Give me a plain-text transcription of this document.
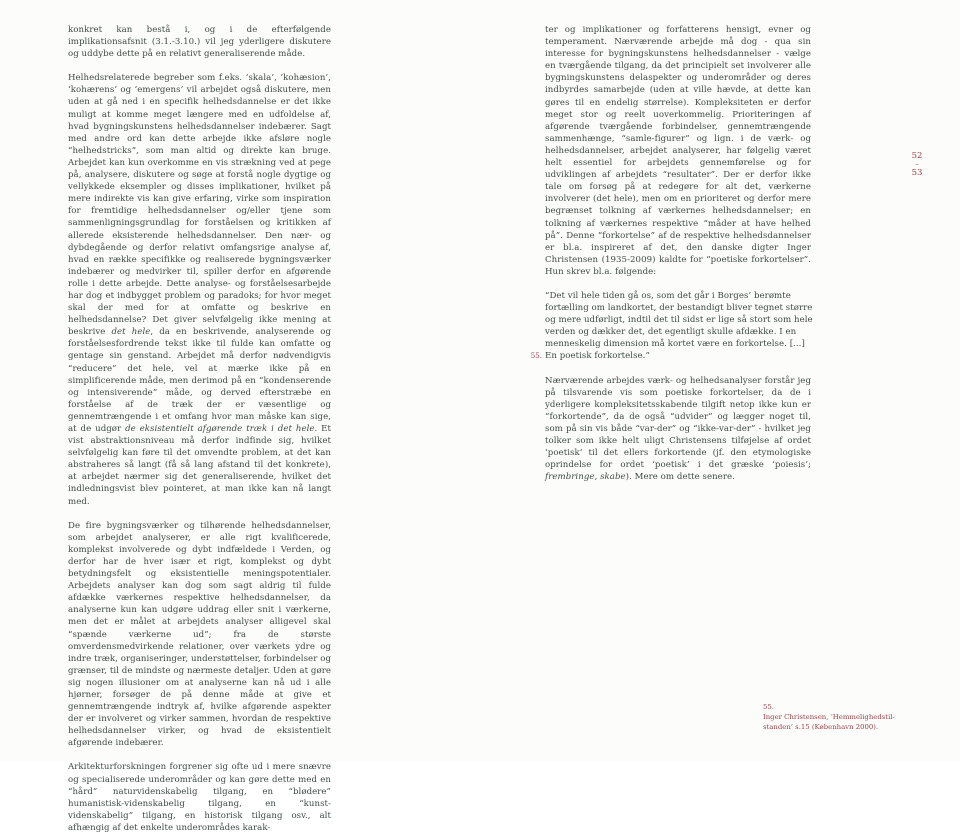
konkret kan bestå i, og i de efterfølgende implikationsafsnit (3.1.-3.10.) vil jeg yderligere diskutere og uddybe dette på en relativt generaliserende måde.

Helhedsrelaterede begreber som f.eks. ‘skala’, ‘kohæsion’, ‘kohærens’ og ‘emergens’ vil arbejdet også diskutere, men uden at gå ned i en specifik helhedsdannelse er det ikke muligt at komme meget længere med en udfoldelse af, hvad bygningskunstens helhedsdannelser indebærer. Sagt med andre ord kan dette arbejde ikke afsløre nogle “helhedstricks”, som man altid og direkte kan bruge. Arbejdet kan kun overkomme en vis strækning ved at pege på, analysere, diskutere og søge at forstå nogle dygtige og vellykkede eksempler og disses implikationer, hvilket på mere indirekte vis kan give erfaring, virke som inspiration for fremtidige helhedsdannelser og/eller tjene som sammenligningsgrundlag for forståelsen og kritikken af allerede eksisterende helhedsdannelser. Den nær- og dybdegående og derfor relativt omfangsrige analyse af, hvad en række specifikke og realiserede bygningsværker indebærer og medvirker til, spiller derfor en afgørende rolle i dette arbejde. Dette analyse- og forståelsesarbejde har dog et indbygget problem og paradoks; for hvor meget skal der med for at omfatte og beskrive en helhedsdannelse? Det giver selvfølgelig ikke mening at beskrive det hele, da en beskrivende, analyserende og forståelsesfordrende tekst ikke til fulde kan omfatte og gentage sin genstand. Arbejdet må derfor nødvendigvis “reducere” det hele, vel at mærke ikke på en simplificerende måde, men derimod på en “kondenserende og intensiverende” måde, og derved efterstræbe en forståelse af de træk der er væsentlige og gennemtrængende i et omfang hvor man måske kan sige, at de udgør de eksistentielt afgørende træk i det hele. Et vist abstraktionsniveau må derfor indfinde sig, hvilket selvfølgelig kan føre til det omvendte problem, at det kan abstraheres så langt (få så lang afstand til det konkrete), at arbejdet nærmer sig det generaliserende, hvilket det indledningsvist blev pointeret, at man ikke kan nå langt med.

De fire bygningsværker og tilhørende helhedsdannelser, som arbejdet analyserer, er alle rigt kvalificerede, komplekst involverede og dybt indfældede i Verden, og derfor har de hver især et rigt, komplekst og dybt betydningsfelt og eksistentielle meningspotentialer. Arbejdets analyser kan dog som sagt aldrig til fulde afdække værkernes respektive helhedsdannelser, da analyserne kun kan udgøre uddrag eller snit i værkerne, men det er målet at arbejdets analyser alligevel skal “spænde værkerne ud”; fra de største omverdensmedvirkende relationer, over værkets ydre og indre træk, organiseringer, understøttelser, forbindelser og grænser, til de mindste og nærmeste detaljer. Uden at gøre sig nogen illusioner om at analyserne kan nå ud i alle hjørner, forsøger de på denne måde at give et gennemtrængende indtryk af, hvilke afgørende aspekter der er involveret og virker sammen, hvordan de respektive helhedsdannelser virker, og hvad de eksistentielt afgørende indebærer.

Arkitekturforskningen forgrener sig ofte ud i mere snævre og specialiserede underområder og kan gøre dette med en “hård” naturvidenskabelig tilgang, en “blødere” humanistisk-videnskabelig tilgang, en “kunst-videnskabelig” tilgang, en historisk tilgang osv., alt afhængig af det enkelte underområdes karak-

ter og implikationer og forfatterens hensigt, evner og temperament. Nærværende arbejde må dog - qua sin interesse for bygningskunstens helhedsdannelser - vælge en tværgående tilgang, da det principielt set involverer alle bygningskunstens delaspekter og underområder og deres indbyrdes samarbejde (uden at ville hævde, at dette kan gøres til en endelig størrelse). Kompleksiteten er derfor meget stor og reelt uoverkommelig. Prioriteringen af afgørende tværgående forbindelser, gennemtrængende sammenhænge, “samle-figurer” og lign. i de værk- og helhedsdannelser, arbejdet analyserer, har følgelig været helt essentiel for arbejdets gennemførelse og for udviklingen af arbejdets “resultater”. Der er derfor ikke tale om forsøg på at redegøre for alt det, værkerne involverer (det hele), men om en prioriteret og derfor mere begrænset tolkning af værkernes helhedsdannelser; en tolkning af værkernes respektive “måder at have helhed på”. Denne “forkortelse” af de respektive helhedsdannelser er bl.a. inspireret af det, den danske digter Inger Christensen (1935-2009) kaldte for “poetiske forkortelser”. Hun skrev bl.a. følgende:

“Det vil hele tiden gå os, som det går i Borges’ berømte
fortælling om landkortet, der bestandigt bliver tegnet større
og mere udførligt, indtil det til sidst er lige så stort som hele
verden og dækker det, det egentligt skulle afdække. I en
menneskelig dimension må kortet være en forkortelse. [...]
55. En poetisk forkortelse.”

Nærværende arbejdes værk- og helhedsanalyser forstår jeg på tilsvarende vis som poetiske forkortelser, da de i yderligere kompleksitetsskabende tilgift netop ikke kun er “forkortende”, da de også “udvider” og lægger noget til, som på sin vis både “var-der” og “ikke-var-der” - hvilket jeg tolker som ikke helt uligt Christensens tilføjelse af ordet ‘poetisk’ til det ellers forkortende (jf. den etymologiske oprindelse for ordet ‘poetisk’ i det græske ‘poiesis’; frembringe, skabe). Mere om dette senere.

52
–
53
55.
Inger Christensen, ‘Hemmelighedstil-
standen’ s.15 (København 2000).
